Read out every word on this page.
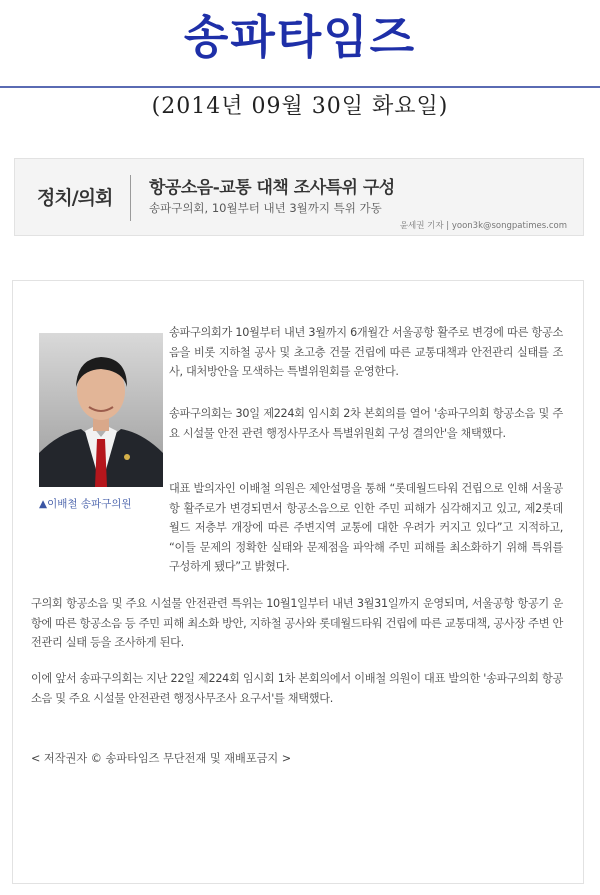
송파타임즈
(2014년 09월 30일 화요일)
정치/의회 항공소음-교통 대책 조사특위 구성
송파구의회, 10월부터 내년 3월까지 특위 가동
윤세권 기자 | yoon3k@songpatimes.com
▲이배철 송파구의원

송파구의회가 10월부터 내년 3월까지 6개월간 서울공항 활주로 변경에 따른 항공소음을 비롯 지하철 공사 및 초고층 건물 건립에 따른 교통대책과 안전관리 실태를 조사, 대처방안을 모색하는 특별위원회를 운영한다.

송파구의회는 30일 제224회 임시회 2차 본회의를 열어 '송파구의회 항공소음 및 주요 시설물 안전 관련 행정사무조사 특별위원회 구성 결의안'을 채택했다.

대표 발의자인 이배철 의원은 제안설명을 통해 “롯데월드타워 건립으로 인해 서울공항 활주로가 변경되면서 항공소음으로 인한 주민 피해가 심각해지고 있고, 제2롯데월드 저층부 개장에 따른 주변지역 교통에 대한 우려가 커지고 있다”고 지적하고, “이들 문제의 정확한 실태와 문제점을 파악해 주민 피해를 최소화하기 위해 특위를 구성하게 됐다”고 밝혔다.

구의회 항공소음 및 주요 시설물 안전관련 특위는 10월1일부터 내년 3월31일까지 운영되며, 서울공항 항공기 운항에 따른 항공소음 등 주민 피해 최소화 방안, 지하철 공사와 롯데월드타워 건립에 따른 교통대책, 공사장 주변 안전관리 실태 등을 조사하게 된다.

이에 앞서 송파구의회는 지난 22일 제224회 임시회 1차 본회의에서 이배철 의원이 대표 발의한 '송파구의회 항공소음 및 주요 시설물 안전관련 행정사무조사 요구서'를 채택했다.

< 저작권자 © 송파타임즈 무단전재 및 재배포금지 >
